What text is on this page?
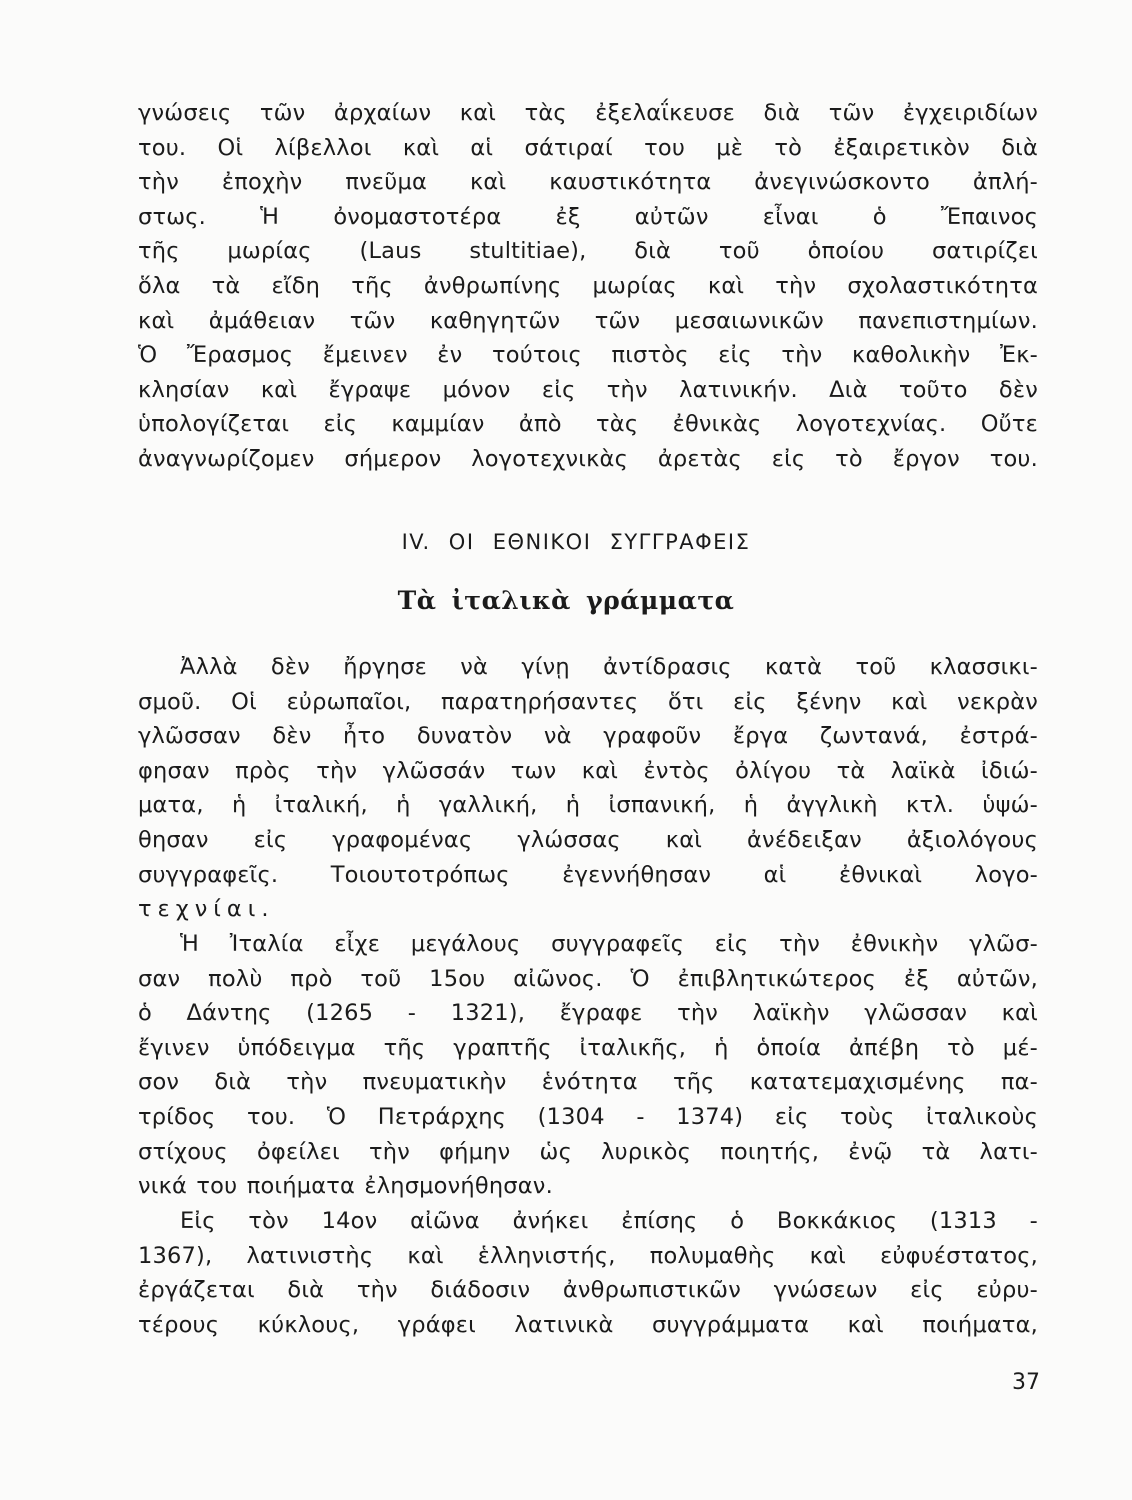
γνώσεις τῶν ἀρχαίων καὶ τὰς ἐξελαΐκευσε διὰ τῶν ἐγχειριδίων
του. Οἱ λίβελλοι καὶ αἱ σάτιραί του μὲ τὸ ἐξαιρετικὸν διὰ
τὴν ἐποχὴν πνεῦμα καὶ καυστικότητα ἀνεγινώσκοντο ἀπλή-
στως. Ἡ ὀνομαστοτέρα ἐξ αὐτῶν εἶναι ὁ Ἔπαινος
τῆς μωρίας (Laus stultitiae), διὰ τοῦ ὁποίου σατιρίζει
ὅλα τὰ εἴδη τῆς ἀνθρωπίνης μωρίας καὶ τὴν σχολαστικότητα
καὶ ἀμάθειαν τῶν καθηγητῶν τῶν μεσαιωνικῶν πανεπιστημίων.
Ὁ Ἔρασμος ἔμεινεν ἐν τούτοις πιστὸς εἰς τὴν καθολικὴν Ἐκ-
κλησίαν καὶ ἔγραψε μόνον εἰς τὴν λατινικήν. Διὰ τοῦτο δὲν
ὑπολογίζεται εἰς καμμίαν ἀπὸ τὰς ἐθνικὰς λογοτεχνίας. Οὔτε
ἀναγνωρίζομεν σήμερον λογοτεχνικὰς ἀρετὰς εἰς τὸ ἔργον του.
IV. ΟΙ ΕΘΝΙΚΟΙ ΣΥΓΓΡΑΦΕΙΣ
Τὰ ἰταλικὰ γράμματα
Ἀλλὰ δὲν ἤργησε νὰ γίνῃ ἀντίδρασις κατὰ τοῦ κλασσικι-
σμοῦ. Οἱ εὐρωπαῖοι, παρατηρήσαντες ὅτι εἰς ξένην καὶ νεκρὰν
γλῶσσαν δὲν ἦτο δυνατὸν νὰ γραφοῦν ἔργα ζωντανά, ἐστρά-
φησαν πρὸς τὴν γλῶσσάν των καὶ ἐντὸς ὀλίγου τὰ λαϊκὰ ἰδιώ-
ματα, ἡ ἰταλική, ἡ γαλλική, ἡ ἰσπανική, ἡ ἀγγλικὴ κτλ. ὑψώ-
θησαν εἰς γραφομένας γλώσσας καὶ ἀνέδειξαν ἀξιολόγους
συγγραφεῖς. Τοιουτοτρόπως ἐγεννήθησαν αἱ ἐθνικαὶ λογο-
τεχνίαι.
Ἡ Ἰταλία εἶχε μεγάλους συγγραφεῖς εἰς τὴν ἐθνικὴν γλῶσ-
σαν πολὺ πρὸ τοῦ 15ου αἰῶνος. Ὁ ἐπιβλητικώτερος ἐξ αὐτῶν,
ὁ Δάντης (1265 - 1321), ἔγραφε τὴν λαϊκὴν γλῶσσαν καὶ
ἔγινεν ὑπόδειγμα τῆς γραπτῆς ἰταλικῆς, ἡ ὁποία ἀπέβη τὸ μέ-
σον διὰ τὴν πνευματικὴν ἑνότητα τῆς κατατεμαχισμένης πα-
τρίδος του. Ὁ Πετράρχης (1304 - 1374) εἰς τοὺς ἰταλικοὺς
στίχους ὀφείλει τὴν φήμην ὡς λυρικὸς ποιητής, ἐνῷ τὰ λατι-
νικά του ποιήματα ἐλησμονήθησαν.
Εἰς τὸν 14ον αἰῶνα ἀνήκει ἐπίσης ὁ Βοκκάκιος (1313 -
1367), λατινιστὴς καὶ ἑλληνιστής, πολυμαθὴς καὶ εὐφυέστατος,
ἐργάζεται διὰ τὴν διάδοσιν ἀνθρωπιστικῶν γνώσεων εἰς εὐρυ-
τέρους κύκλους, γράφει λατινικὰ συγγράμματα καὶ ποιήματα,
37
